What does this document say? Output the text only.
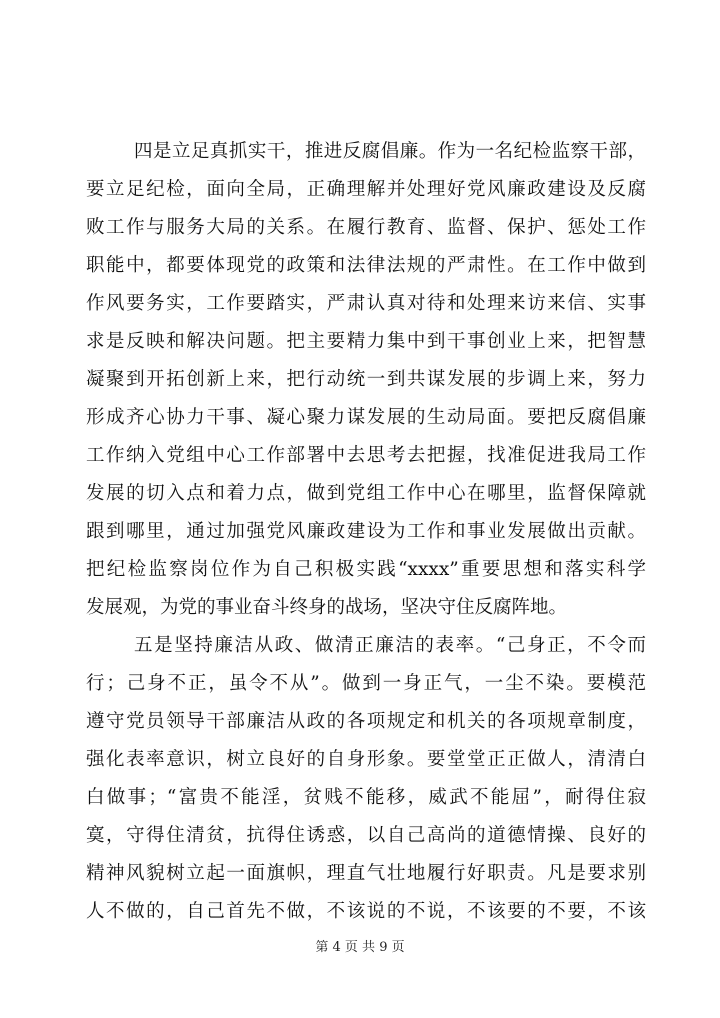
四是立足真抓实干，推进反腐倡廉。作为一名纪检监察干部，
要立足纪检，面向全局，正确理解并处理好党风廉政建设及反腐
败工作与服务大局的关系。在履行教育、监督、保护、惩处工作
职能中，都要体现党的政策和法律法规的严肃性。在工作中做到
作风要务实，工作要踏实，严肃认真对待和处理来访来信、实事
求是反映和解决问题。把主要精力集中到干事创业上来，把智慧
凝聚到开拓创新上来，把行动统一到共谋发展的步调上来，努力
形成齐心协力干事、凝心聚力谋发展的生动局面。要把反腐倡廉
工作纳入党组中心工作部署中去思考去把握，找准促进我局工作
发展的切入点和着力点，做到党组工作中心在哪里，监督保障就
跟到哪里，通过加强党风廉政建设为工作和事业发展做出贡献。
把纪检监察岗位作为自己积极实践“xxxx”重要思想和落实科学
发展观，为党的事业奋斗终身的战场，坚决守住反腐阵地。
五是坚持廉洁从政、做清正廉洁的表率。“己身正，不令而
行；己身不正，虽令不从”。做到一身正气，一尘不染。要模范
遵守党员领导干部廉洁从政的各项规定和机关的各项规章制度，
强化表率意识，树立良好的自身形象。要堂堂正正做人，清清白
白做事；“富贵不能淫，贫贱不能移，威武不能屈”，耐得住寂
寞，守得住清贫，抗得住诱惑，以自己高尚的道德情操、良好的
精神风貌树立起一面旗帜，理直气壮地履行好职责。凡是要求别
人不做的，自己首先不做，不该说的不说，不该要的不要，不该
第 4 页 共 9 页
